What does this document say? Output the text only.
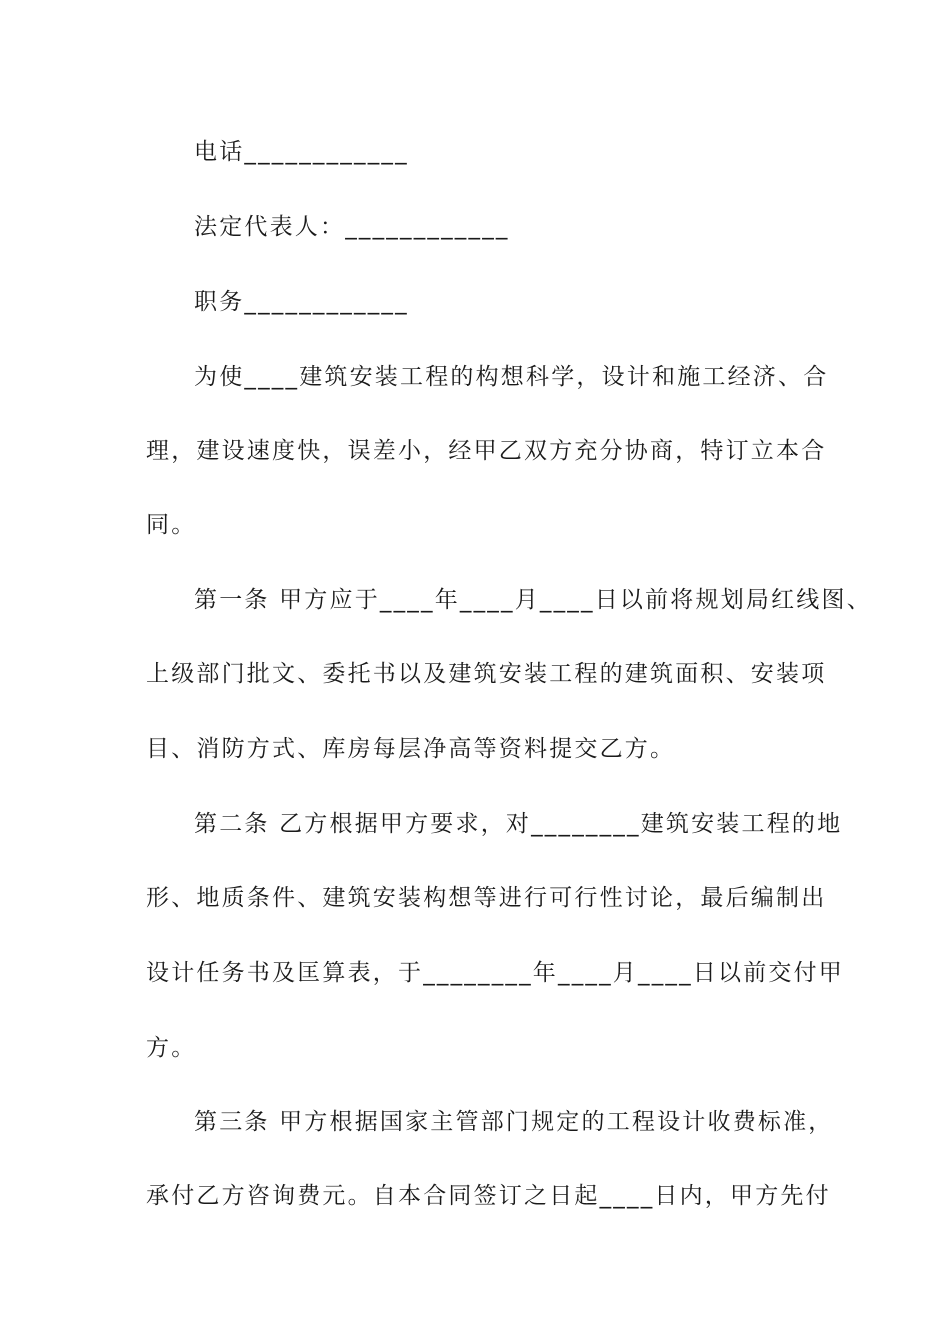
电话____________
法定代表人：____________
职务____________
为使____建筑安装工程的构想科学，设计和施工经济、合
理，建设速度快，误差小，经甲乙双方充分协商，特订立本合
同。
第一条 甲方应于____年____月____日以前将规划局红线图、
上级部门批文、委托书以及建筑安装工程的建筑面积、安装项
目、消防方式、库房每层净高等资料提交乙方。
第二条 乙方根据甲方要求，对________建筑安装工程的地
形、地质条件、建筑安装构想等进行可行性讨论，最后编制出
设计任务书及匡算表，于________年____月____日以前交付甲
方。
第三条 甲方根据国家主管部门规定的工程设计收费标准，
承付乙方咨询费元。自本合同签订之日起____日内，甲方先付
